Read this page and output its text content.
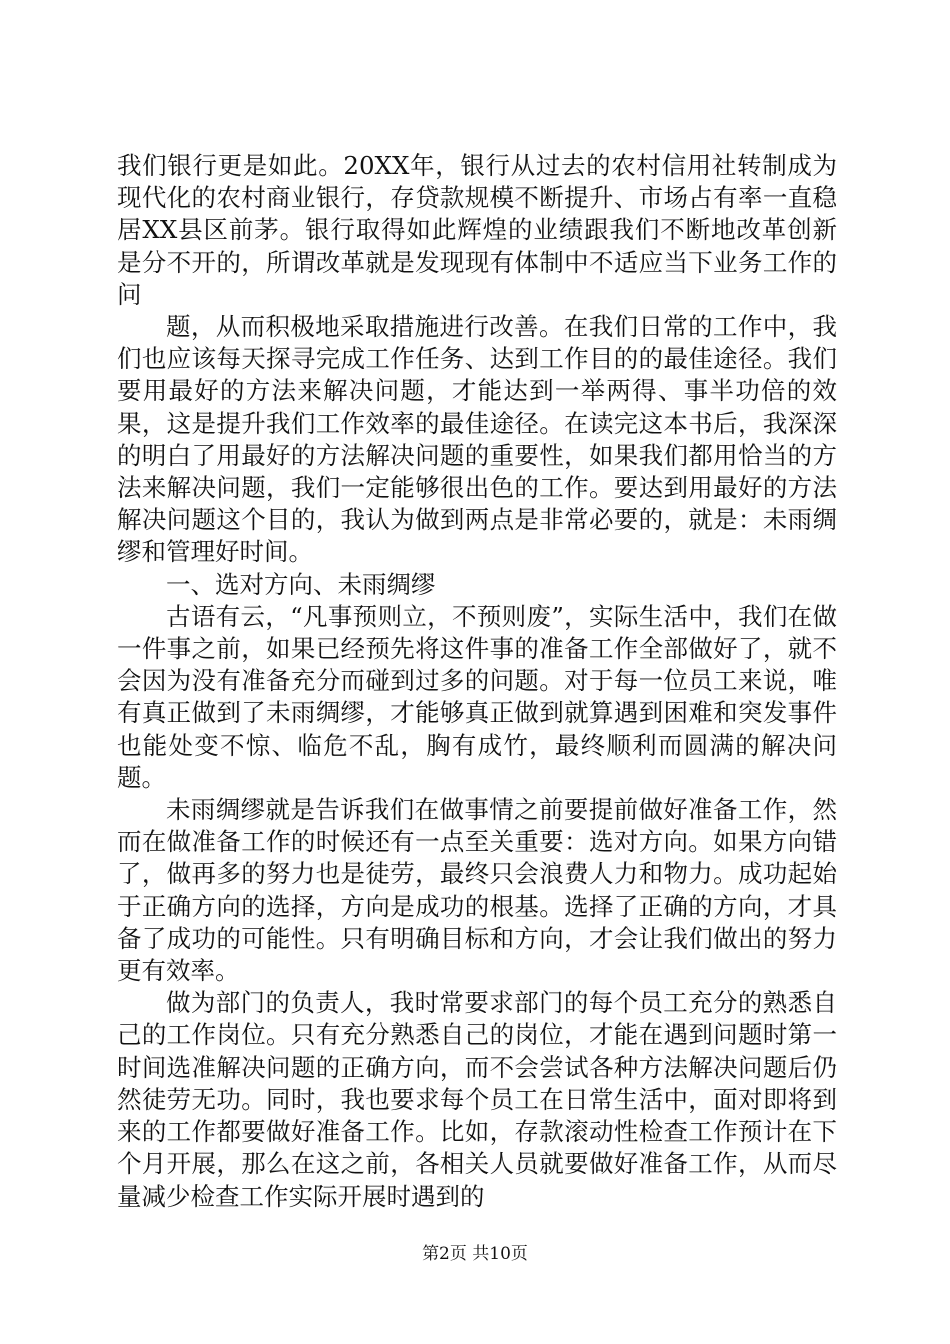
我们银行更是如此。20XX年，银行从过去的农村信用社转制成为现代化的农村商业银行，存贷款规模不断提升、市场占有率一直稳居XX县区前茅。银行取得如此辉煌的业绩跟我们不断地改革创新是分不开的，所谓改革就是发现现有体制中不适应当下业务工作的问

题，从而积极地采取措施进行改善。在我们日常的工作中，我们也应该每天探寻完成工作任务、达到工作目的的最佳途径。我们要用最好的方法来解决问题，才能达到一举两得、事半功倍的效果，这是提升我们工作效率的最佳途径。在读完这本书后，我深深的明白了用最好的方法解决问题的重要性，如果我们都用恰当的方法来解决问题，我们一定能够很出色的工作。要达到用最好的方法解决问题这个目的，我认为做到两点是非常必要的，就是：未雨绸缪和管理好时间。

一、选对方向、未雨绸缪

古语有云，“凡事预则立，不预则废”，实际生活中，我们在做一件事之前，如果已经预先将这件事的准备工作全部做好了，就不会因为没有准备充分而碰到过多的问题。对于每一位员工来说，唯有真正做到了未雨绸缪，才能够真正做到就算遇到困难和突发事件也能处变不惊、临危不乱，胸有成竹，最终顺利而圆满的解决问题。

未雨绸缪就是告诉我们在做事情之前要提前做好准备工作，然而在做准备工作的时候还有一点至关重要：选对方向。如果方向错了，做再多的努力也是徒劳，最终只会浪费人力和物力。成功起始于正确方向的选择，方向是成功的根基。选择了正确的方向，才具备了成功的可能性。只有明确目标和方向，才会让我们做出的努力更有效率。

做为部门的负责人，我时常要求部门的每个员工充分的熟悉自己的工作岗位。只有充分熟悉自己的岗位，才能在遇到问题时第一时间选准解决问题的正确方向，而不会尝试各种方法解决问题后仍然徒劳无功。同时，我也要求每个员工在日常生活中，面对即将到来的工作都要做好准备工作。比如，存款滚动性检查工作预计在下个月开展，那么在这之前，各相关人员就要做好准备工作，从而尽量减少检查工作实际开展时遇到的

第2页 共10页
